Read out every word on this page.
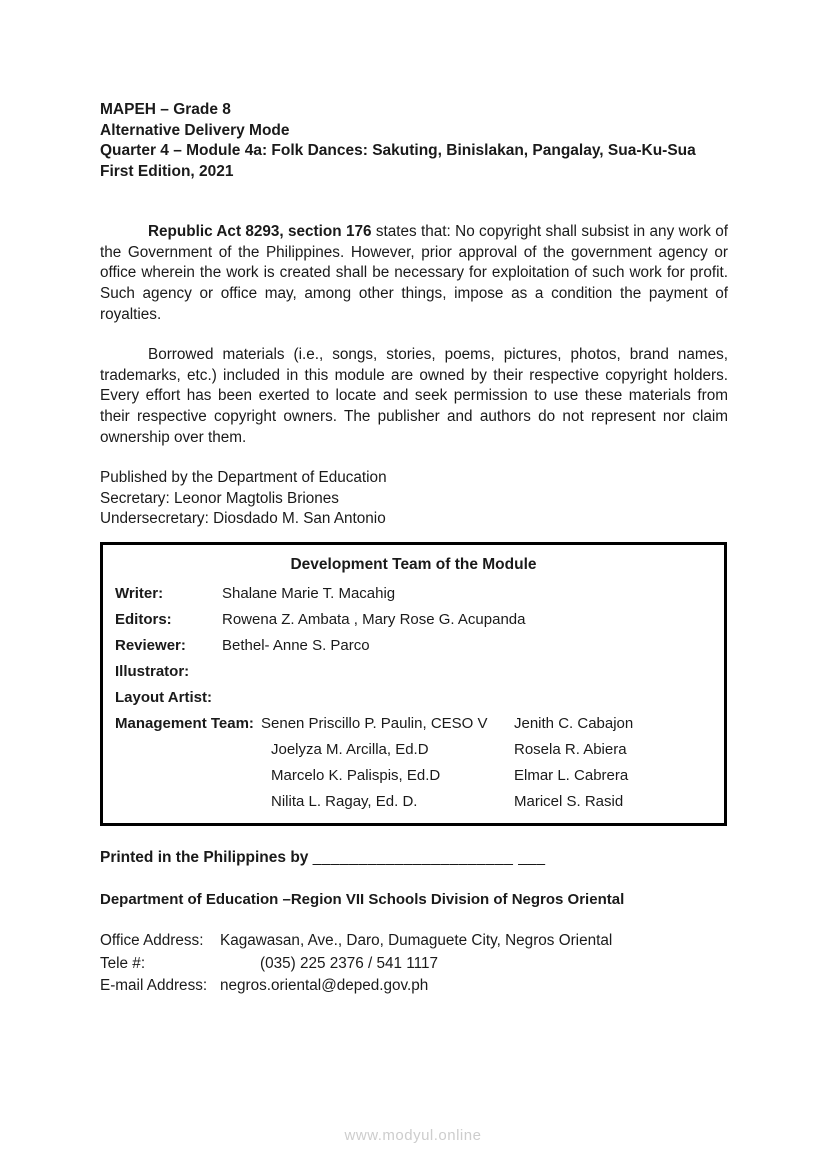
MAPEH – Grade 8
Alternative Delivery Mode
Quarter 4 – Module 4a: Folk Dances: Sakuting, Binislakan, Pangalay, Sua-Ku-Sua
First Edition, 2021

Republic Act 8293, section 176 states that: No copyright shall subsist in any work of the Government of the Philippines. However, prior approval of the government agency or office wherein the work is created shall be necessary for exploitation of such work for profit. Such agency or office may, among other things, impose as a condition the payment of royalties.

Borrowed materials (i.e., songs, stories, poems, pictures, photos, brand names, trademarks, etc.) included in this module are owned by their respective copyright holders. Every effort has been exerted to locate and seek permission to use these materials from their respective copyright owners. The publisher and authors do not represent nor claim ownership over them.

Published by the Department of Education
Secretary: Leonor Magtolis Briones
Undersecretary: Diosdado M. San Antonio
Development Team of the Module
Writer:	Shalane Marie T. Macahig
Editors:	Rowena Z. Ambata , Mary Rose G. Acupanda
Reviewer:	Bethel- Anne S. Parco
Illustrator:
Layout Artist:
Management Team: Senen Priscillo P. Paulin, CESO V	Jenith C. Cabajon
Joelyza M. Arcilla, Ed.D	Rosela R. Abiera
Marcelo K. Palispis, Ed.D	Elmar L. Cabrera
Nilita L. Ragay, Ed. D.	Maricel S. Rasid
Printed in the Philippines by ______________________ ___
Department of Education –Region VII Schools Division of Negros Oriental
Office Address:	Kagawasan, Ave., Daro, Dumaguete City, Negros Oriental
Tele #:	(035) 225 2376 / 541 1117
E-mail Address: negros.oriental@deped.gov.ph
www.modyul.online
